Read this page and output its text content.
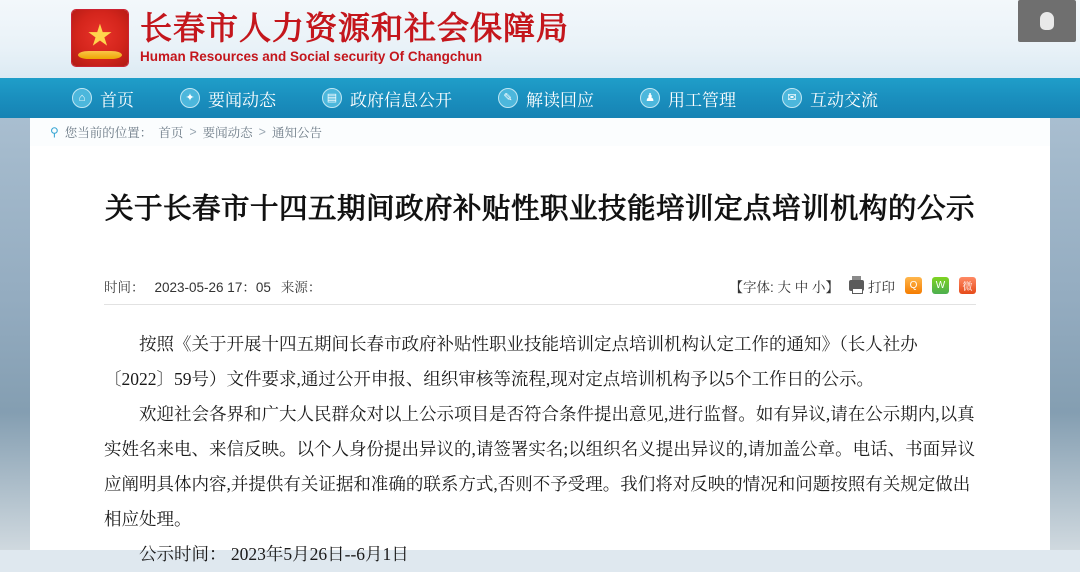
★
长春市人力资源和社会保障局
Human Resources and Social security Of Changchun
⌂ 首页	✦ 要闻动态	▤ 政府信息公开	✎ 解读回应	♟ 用工管理	✉ 互动交流
⚲ 您当前的位置： 首页 > 要闻动态 > 通知公告
关于长春市十四五期间政府补贴性职业技能培训定点培训机构的公示
时间： 2023-05-26 17：05 来源：	【字体: 大 中 小】 打印	Q	W	微

按照《关于开展十四五期间长春市政府补贴性职业技能培训定点培训机构认定工作的通知》（长人社办〔2022〕59号）文件要求,通过公开申报、组织审核等流程,现对定点培训机构予以5个工作日的公示。

欢迎社会各界和广大人民群众对以上公示项目是否符合条件提出意见,进行监督。如有异议,请在公示期内,以真实姓名来电、来信反映。以个人身份提出异议的,请签署实名;以组织名义提出异议的,请加盖公章。电话、书面异议应阐明具体内容,并提供有关证据和准确的联系方式,否则不予受理。我们将对反映的情况和问题按照有关规定做出相应处理。

公示时间： 2023年5月26日--6月1日
